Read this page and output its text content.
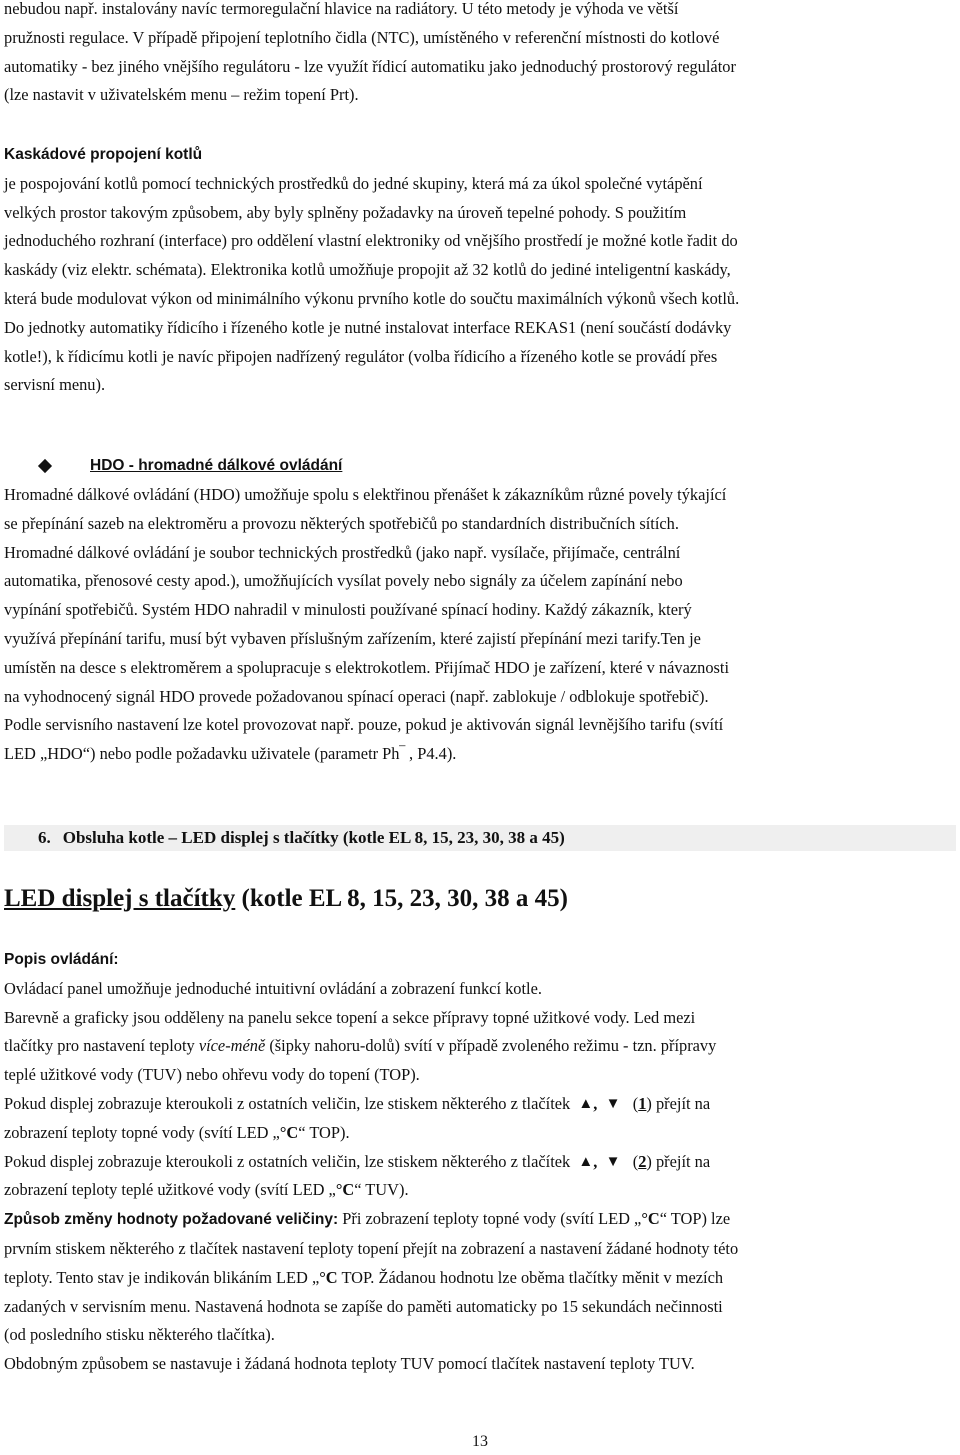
nebudou např. instalovány navíc termoregulační hlavice na radiátory. U této metody je výhoda ve větší

pružnosti regulace. V případě připojení teplotního čidla (NTC), umístěného v referenční místnosti do kotlové

automatiky - bez jiného vnějšího regulátoru - lze využít řídicí automatiku jako jednoduchý prostorový regulátor

(lze nastavit v uživatelském menu – režim topení Prt).

Kaskádové propojení kotlů

je pospojování kotlů pomocí technických prostředků do jedné skupiny, která má za úkol společné vytápění

velkých prostor takovým způsobem, aby byly splněny požadavky na úroveň tepelné pohody. S použitím

jednoduchého rozhraní (interface) pro oddělení vlastní elektroniky od vnějšího prostředí je možné kotle řadit do

kaskády (viz elektr. schémata). Elektronika kotlů umožňuje propojit až 32 kotlů do jediné inteligentní kaskády,

která bude modulovat výkon od minimálního výkonu prvního kotle do součtu maximálních výkonů všech kotlů.

Do jednotky automatiky řídicího i řízeného kotle je nutné instalovat interface REKAS1 (není součástí dodávky

kotle!), k řídicímu kotli je navíc připojen nadřízený regulátor (volba řídicího a řízeného kotle se provádí přes

servisní menu).

HDO - hromadné dálkové ovládání

Hromadné dálkové ovládání (HDO) umožňuje spolu s elektřinou přenášet k zákazníkům různé povely týkající

se přepínání sazeb na elektroměru a provozu některých spotřebičů po standardních distribučních sítích.

Hromadné dálkové ovládání je soubor technických prostředků (jako např. vysílače, přijímače, centrální

automatika, přenosové cesty apod.), umožňujících vysílat povely nebo signály za účelem zapínání nebo

vypínání spotřebičů. Systém HDO nahradil v minulosti používané spínací hodiny. Každý zákazník, který

využívá přepínání tarifu, musí být vybaven příslušným zařízením, které zajistí přepínání mezi tarify.Ten je

umístěn na desce s elektroměrem a spolupracuje s elektrokotlem. Přijímač HDO je zařízení, které v návaznosti

na vyhodnocený signál HDO provede požadovanou spínací operaci (např. zablokuje / odblokuje spotřebič).

Podle servisního nastavení lze kotel provozovat např. pouze, pokud je aktivován signál levnějšího tarifu (svítí

LED „HDO“) nebo podle požadavku uživatele (parametr Ph‾ , P4.4).

6. Obsluha kotle – LED displej s tlačítky (kotle EL 8, 15, 23, 30, 38 a 45)
LED displej s tlačítky (kotle EL 8, 15, 23, 30, 38 a 45)

Popis ovládání:

Ovládací panel umožňuje jednoduché intuitivní ovládání a zobrazení funkcí kotle.

Barevně a graficky jsou odděleny na panelu sekce topení a sekce přípravy topné užitkové vody. Led mezi

tlačítky pro nastavení teploty více-méně (šipky nahoru-dolů) svítí v případě zvoleného režimu - tzn. přípravy

teplé užitkové vody (TUV) nebo ohřevu vody do topení (TOP).

Pokud displej zobrazuje kteroukoli z ostatních veličin, lze stiskem některého z tlačítek ▲, ▼   (1) přejít na

zobrazení teploty topné vody (svítí LED „°C“ TOP).

Pokud displej zobrazuje kteroukoli z ostatních veličin, lze stiskem některého z tlačítek ▲, ▼   (2) přejít na

zobrazení teploty teplé užitkové vody (svítí LED „°C“ TUV).

Způsob změny hodnoty požadované veličiny: Při zobrazení teploty topné vody (svítí LED „°C“ TOP) lze

prvním stiskem některého z tlačítek nastavení teploty topení přejít na zobrazení a nastavení žádané hodnoty této

teploty. Tento stav je indikován blikáním LED „°C TOP. Žádanou hodnotu lze oběma tlačítky měnit v mezích

zadaných v servisním menu. Nastavená hodnota se zapíše do paměti automaticky po 15 sekundách nečinnosti

(od posledního stisku některého tlačítka).

Obdobným způsobem se nastavuje i žádaná hodnota teploty TUV pomocí tlačítek nastavení teploty TUV.

13
